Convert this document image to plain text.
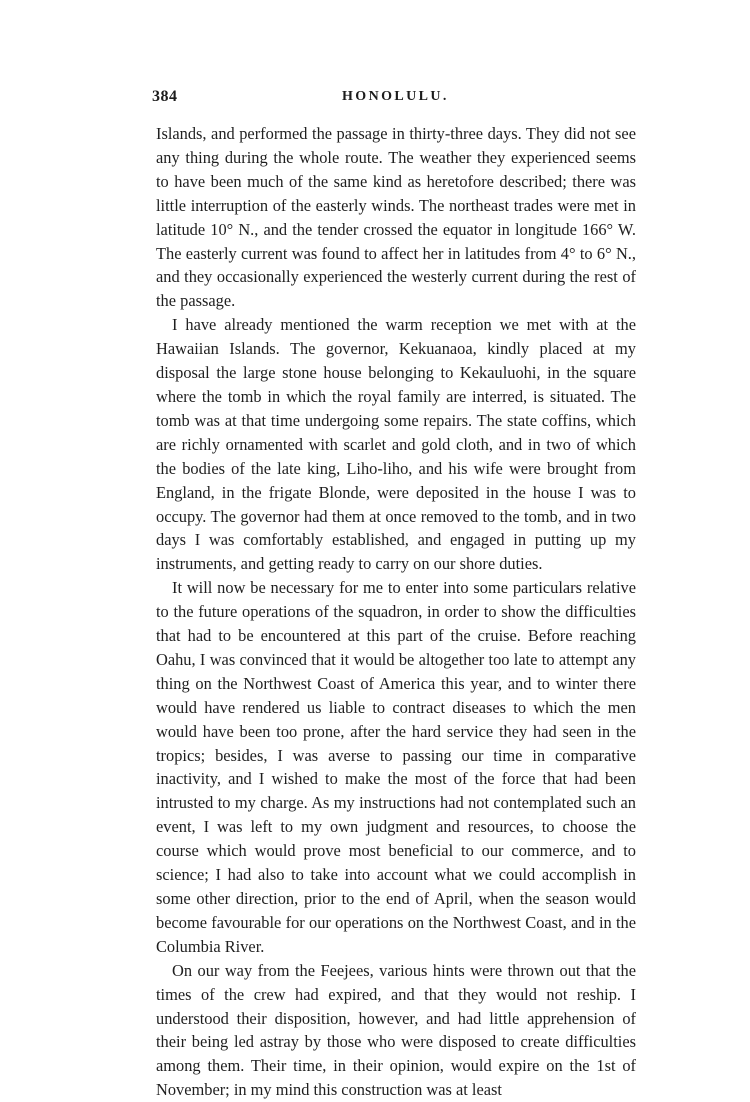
384	HONOLULU.

Islands, and performed the passage in thirty-three days. They did not see any thing during the whole route. The weather they experienced seems to have been much of the same kind as heretofore described; there was little interruption of the easterly winds. The northeast trades were met in latitude 10° N., and the tender crossed the equator in longitude 166° W. The easterly current was found to affect her in latitudes from 4° to 6° N., and they occasionally experienced the westerly current during the rest of the passage.

I have already mentioned the warm reception we met with at the Hawaiian Islands. The governor, Kekuanaoa, kindly placed at my disposal the large stone house belonging to Kekauluohi, in the square where the tomb in which the royal family are interred, is situated. The tomb was at that time undergoing some repairs. The state coffins, which are richly ornamented with scarlet and gold cloth, and in two of which the bodies of the late king, Liho-liho, and his wife were brought from England, in the frigate Blonde, were deposited in the house I was to occupy. The governor had them at once removed to the tomb, and in two days I was comfortably established, and engaged in putting up my instruments, and getting ready to carry on our shore duties.

It will now be necessary for me to enter into some particulars relative to the future operations of the squadron, in order to show the difficulties that had to be encountered at this part of the cruise. Before reaching Oahu, I was convinced that it would be altogether too late to attempt any thing on the Northwest Coast of America this year, and to winter there would have rendered us liable to contract diseases to which the men would have been too prone, after the hard service they had seen in the tropics; besides, I was averse to passing our time in comparative inactivity, and I wished to make the most of the force that had been intrusted to my charge. As my instructions had not contemplated such an event, I was left to my own judgment and resources, to choose the course which would prove most beneficial to our commerce, and to science; I had also to take into account what we could accomplish in some other direction, prior to the end of April, when the season would become favourable for our operations on the Northwest Coast, and in the Columbia River.

On our way from the Feejees, various hints were thrown out that the times of the crew had expired, and that they would not reship. I understood their disposition, however, and had little apprehension of their being led astray by those who were disposed to create difficulties among them. Their time, in their opinion, would expire on the 1st of November; in my mind this construction was at least
